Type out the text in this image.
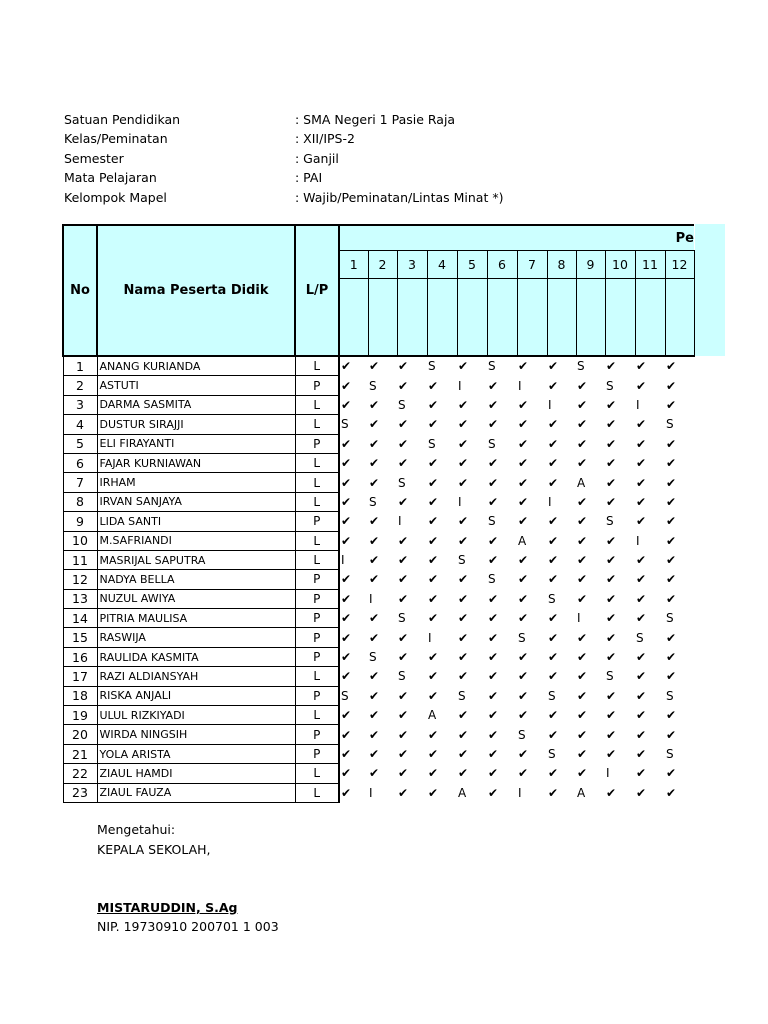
Satuan Pendidikan	: SMA Negeri 1 Pasie Raja
Kelas/Peminatan	: XII/IPS-2
Semester	: Ganjil
Mata Pelajaran	: PAI
Kelompok Mapel	: Wajib/Peminatan/Lintas Minat *)
No	Nama Peserta Didik	L/P	Pe											
			1	2	3	4	5	6	7	8	9	10	11	12

1	ANANG KURIANDA	L	✔	✔	✔	S	✔	S	✔	✔	S	✔	✔	✔
2	ASTUTI	P	✔	S	✔	✔	I	✔	I	✔	✔	S	✔	✔
3	DARMA SASMITA	L	✔	✔	S	✔	✔	✔	✔	I	✔	✔	I	✔
4	DUSTUR SIRAJJI	L	S	✔	✔	✔	✔	✔	✔	✔	✔	✔	✔	S
5	ELI FIRAYANTI	P	✔	✔	✔	S	✔	S	✔	✔	✔	✔	✔	✔
6	FAJAR KURNIAWAN	L	✔	✔	✔	✔	✔	✔	✔	✔	✔	✔	✔	✔
7	IRHAM	L	✔	✔	S	✔	✔	✔	✔	✔	A	✔	✔	✔
8	IRVAN SANJAYA	L	✔	S	✔	✔	I	✔	✔	I	✔	✔	✔	✔
9	LIDA SANTI	P	✔	✔	I	✔	✔	S	✔	✔	✔	S	✔	✔
10	M.SAFRIANDI	L	✔	✔	✔	✔	✔	✔	A	✔	✔	✔	I	✔
11	MASRIJAL SAPUTRA	L	I	✔	✔	✔	S	✔	✔	✔	✔	✔	✔	✔
12	NADYA BELLA	P	✔	✔	✔	✔	✔	S	✔	✔	✔	✔	✔	✔
13	NUZUL AWIYA	P	✔	I	✔	✔	✔	✔	✔	S	✔	✔	✔	✔
14	PITRIA MAULISA	P	✔	✔	S	✔	✔	✔	✔	✔	I	✔	✔	S
15	RASWIJA	P	✔	✔	✔	I	✔	✔	S	✔	✔	✔	S	✔
16	RAULIDA KASMITA	P	✔	S	✔	✔	✔	✔	✔	✔	✔	✔	✔	✔
17	RAZI ALDIANSYAH	L	✔	✔	S	✔	✔	✔	✔	✔	✔	S	✔	✔
18	RISKA ANJALI	P	S	✔	✔	✔	S	✔	✔	S	✔	✔	✔	S
19	ULUL RIZKIYADI	L	✔	✔	✔	A	✔	✔	✔	✔	✔	✔	✔	✔
20	WIRDA NINGSIH	P	✔	✔	✔	✔	✔	✔	S	✔	✔	✔	✔	✔
21	YOLA ARISTA	P	✔	✔	✔	✔	✔	✔	✔	S	✔	✔	✔	S
22	ZIAUL HAMDI	L	✔	✔	✔	✔	✔	✔	✔	✔	✔	I	✔	✔
23	ZIAUL FAUZA	L	✔	I	✔	✔	A	✔	I	✔	A	✔	✔	✔
Mengetahui:
KEPALA SEKOLAH,
MISTARUDDIN, S.Ag
NIP. 19730910 200701 1 003
